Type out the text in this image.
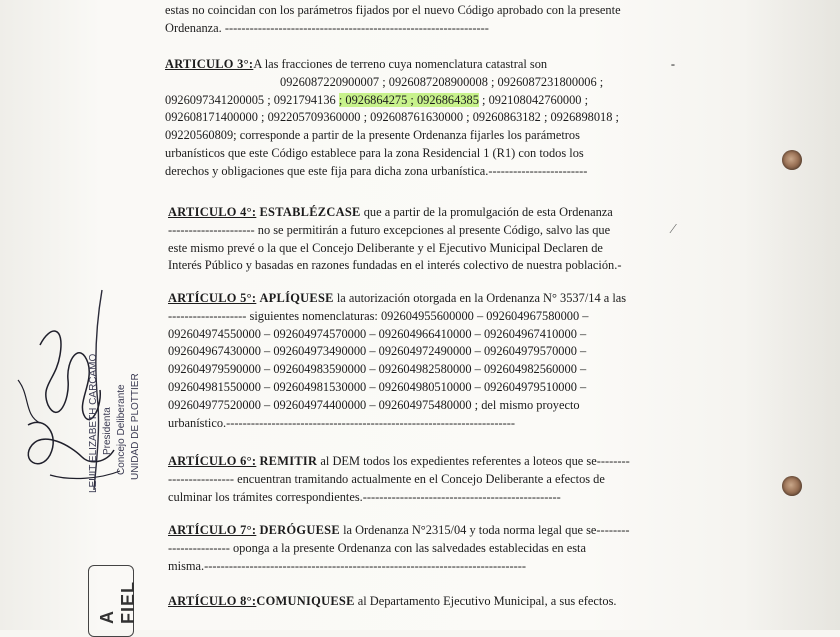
estas no coincidan con los parámetros fijados por el nuevo Código aprobado con la presente
Ordenanza. ----------------------------------------------------------------
ARTICULO 3°:A las fracciones de terreno cuya nomenclatura catastral son	-
0926087220900007 ; 0926087208900008 ; 0926087231800006 ;
0926097341200005 ; 0921794136 ; 0926864275 ; 0926864385 ; 092108042760000 ;
092608171400000 ; 092205709360000 ; 092608761630000 ; 09260863182 ; 0926898018 ;
09220560809; corresponde a partir de la presente Ordenanza fijarles los parámetros
urbanísticos que este Código establece para la zona Residencial 1 (R1) con todos los
derechos y obligaciones que este fija para dicha zona urbanística.------------------------
ARTICULO 4°: ESTABLÉZCASE que a partir de la promulgación de esta Ordenanza
--------------------- no se permitirán a futuro excepciones al presente Código, salvo las que
este mismo prevé o la que el Concejo Deliberante y el Ejecutivo Municipal Declaren de
Interés Público y basadas en razones fundadas en el interés colectivo de nuestra población.-
ARTÍCULO 5°: APLÍQUESE la autorización otorgada en la Ordenanza N° 3537/14 a las
------------------- siguientes nomenclaturas: 092604955600000 – 092604967580000 –
092604974550000 – 092604974570000 – 092604966410000 – 092604967410000 –
092604967430000 – 092604973490000 – 092604972490000 – 092604979570000 –
092604979590000 – 092604983590000 – 092604982580000 – 092604982560000 –
092604981550000 – 092604981530000 – 092604980510000 – 092604979510000 –
092604977520000 – 092604974400000 – 092604975480000 ; del mismo proyecto
urbanístico.----------------------------------------------------------------------
ARTÍCULO 6°: REMITIR al DEM todos los expedientes referentes a loteos que se--------
---------------- encuentran tramitando actualmente en el Concejo Deliberante a efectos de
culminar los trámites correspondientes.------------------------------------------------
ARTÍCULO 7°: DERÓGUESE la Ordenanza N°2315/04 y toda norma legal que se--------
--------------- oponga a la presente Ordenanza con las salvedades establecidas en esta
misma.------------------------------------------------------------------------------
ARTÍCULO 8°:COMUNIQUESE al Departamento Ejecutivo Municipal, a sus efectos.
⁄
LEUIT ELIZABETH CARCAMO Presidenta Concejo Deliberante UNIDAD DE PLOTTIER
A FIEL
